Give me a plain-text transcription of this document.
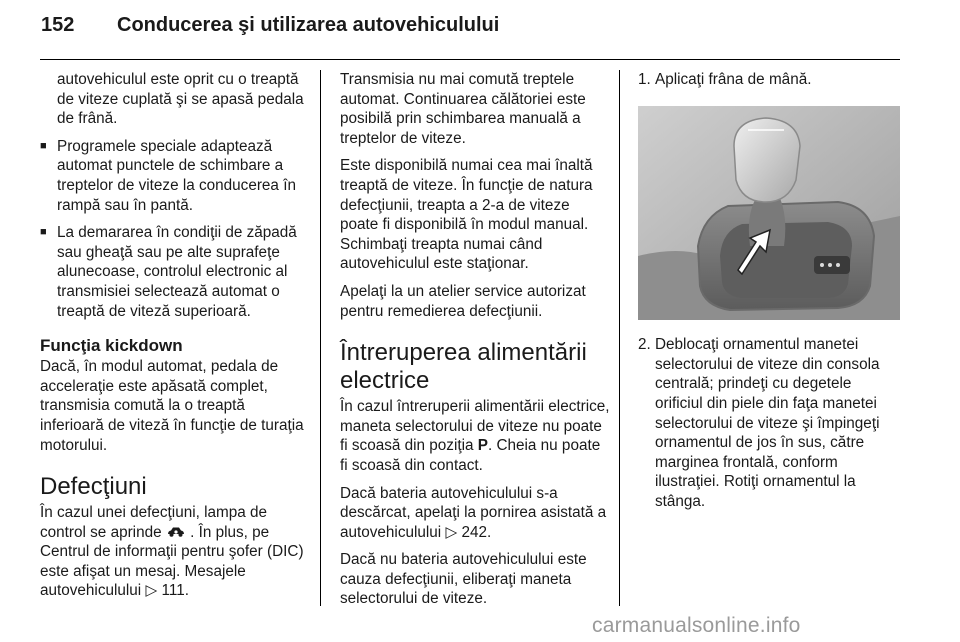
152 Conducerea şi utilizarea autovehiculului

autovehiculul este oprit cu o treaptă de viteze cuplată şi se apasă pedala de frână.

■ Programele speciale adaptează automat punctele de schimbare a treptelor de viteze la conducerea în rampă sau în pantă.
■ La demararea în condiţii de zăpadă sau gheaţă sau pe alte suprafeţe alunecoase, controlul electronic al transmisiei selectează automat o treaptă de viteză superioară.
Funcţia kickdown

Dacă, în modul automat, pedala de acceleraţie este apăsată complet, transmisia comută la o treaptă inferioară de viteză în funcţie de turaţia motorului.

Defecţiuni

În cazul unei defecţiuni, lampa de control se aprinde . În plus, pe Centrul de informaţii pentru şofer (DIC) este afişat un mesaj. Mesajele autovehiculului ▷ 111.

Transmisia nu mai comută treptele automat. Continuarea călătoriei este posibilă prin schimbarea manuală a treptelor de viteze.

Este disponibilă numai cea mai înaltă treaptă de viteze. În funcţie de natura defecţiunii, treapta a 2-a de viteze poate fi disponibilă în modul manual. Schimbaţi treapta numai când autovehiculul este staţionar.

Apelaţi la un atelier service autorizat pentru remedierea defecţiunii.

Întreruperea alimentării electrice

În cazul întreruperii alimentării electrice, maneta selectorului de viteze nu poate fi scoasă din poziţia P. Cheia nu poate fi scoasă din contact.

Dacă bateria autovehiculului s-a descărcat, apelaţi la pornirea asistată a autovehiculului ▷ 242.

Dacă nu bateria autovehiculului este cauza defecţiunii, eliberaţi maneta selectorului de viteze.

1. Aplicaţi frâna de mână.
2. Deblocaţi ornamentul manetei selectorului de viteze din consola centrală; prindeţi cu degetele orificiul din piele din faţa manetei selectorului de viteze şi împingeţi ornamentul de jos în sus, către marginea frontală, conform ilustraţiei. Rotiţi ornamentul la stânga.
carmanualsonline.info
